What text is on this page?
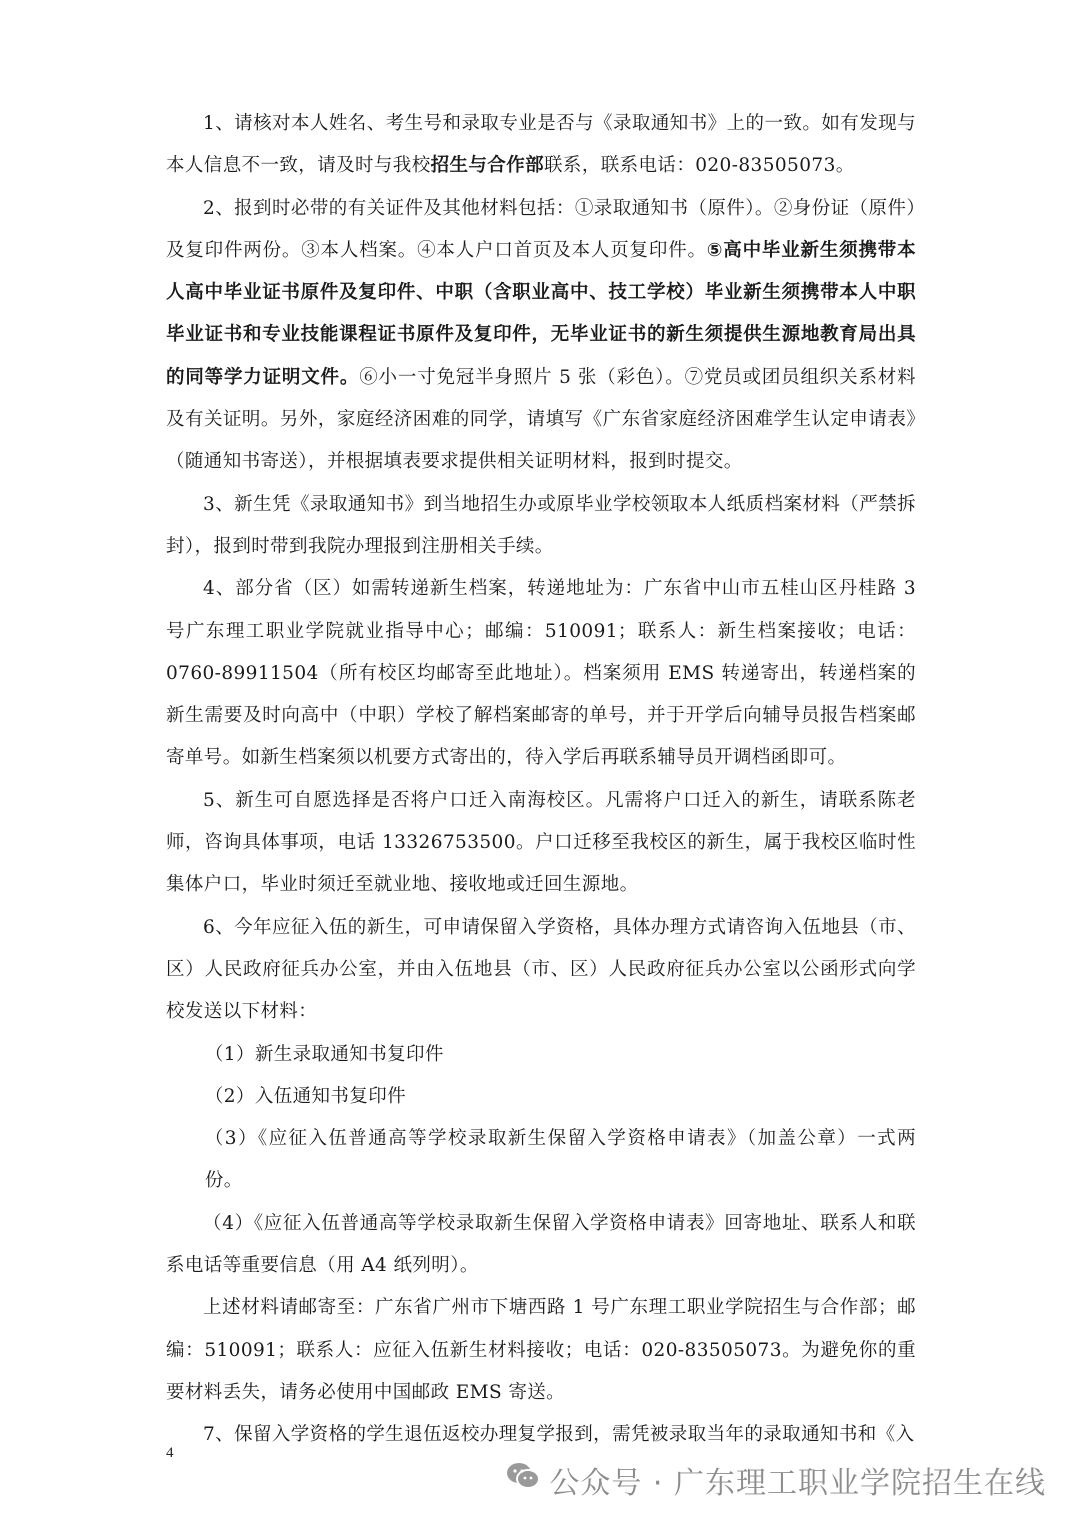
1、请核对本人姓名、考生号和录取专业是否与《录取通知书》上的一致。如有发现与本人信息不一致，请及时与我校招生与合作部联系，联系电话：020-83505073。

2、报到时必带的有关证件及其他材料包括：①录取通知书（原件）。②身份证（原件）及复印件两份。③本人档案。④本人户口首页及本人页复印件。⑤高中毕业新生须携带本人高中毕业证书原件及复印件、中职（含职业高中、技工学校）毕业新生须携带本人中职毕业证书和专业技能课程证书原件及复印件，无毕业证书的新生须提供生源地教育局出具的同等学力证明文件。⑥小一寸免冠半身照片 5 张（彩色）。⑦党员或团员组织关系材料及有关证明。另外，家庭经济困难的同学，请填写《广东省家庭经济困难学生认定申请表》（随通知书寄送），并根据填表要求提供相关证明材料，报到时提交。

3、新生凭《录取通知书》到当地招生办或原毕业学校领取本人纸质档案材料（严禁拆封），报到时带到我院办理报到注册相关手续。

4、部分省（区）如需转递新生档案，转递地址为：广东省中山市五桂山区丹桂路 3 号广东理工职业学院就业指导中心；邮编：510091；联系人：新生档案接收；电话：0760-89911504（所有校区均邮寄至此地址）。档案须用 EMS 转递寄出，转递档案的新生需要及时向高中（中职）学校了解档案邮寄的单号，并于开学后向辅导员报告档案邮寄单号。如新生档案须以机要方式寄出的，待入学后再联系辅导员开调档函即可。

5、新生可自愿选择是否将户口迁入南海校区。凡需将户口迁入的新生，请联系陈老师，咨询具体事项，电话 13326753500。户口迁移至我校区的新生，属于我校区临时性集体户口，毕业时须迁至就业地、接收地或迁回生源地。

6、今年应征入伍的新生，可申请保留入学资格，具体办理方式请咨询入伍地县（市、区）人民政府征兵办公室，并由入伍地县（市、区）人民政府征兵办公室以公函形式向学校发送以下材料：

（1）新生录取通知书复印件

（2）入伍通知书复印件

（3）《应征入伍普通高等学校录取新生保留入学资格申请表》（加盖公章）一式两份。

（4）《应征入伍普通高等学校录取新生保留入学资格申请表》回寄地址、联系人和联系电话等重要信息（用 A4 纸列明）。

上述材料请邮寄至：广东省广州市下塘西路 1 号广东理工职业学院招生与合作部；邮编：510091；联系人：应征入伍新生材料接收；电话：020-83505073。为避免你的重要材料丢失，请务必使用中国邮政 EMS 寄送。

7、保留入学资格的学生退伍返校办理复学报到，需凭被录取当年的录取通知书和《入

4
公众号 · 广东理工职业学院招生在线
